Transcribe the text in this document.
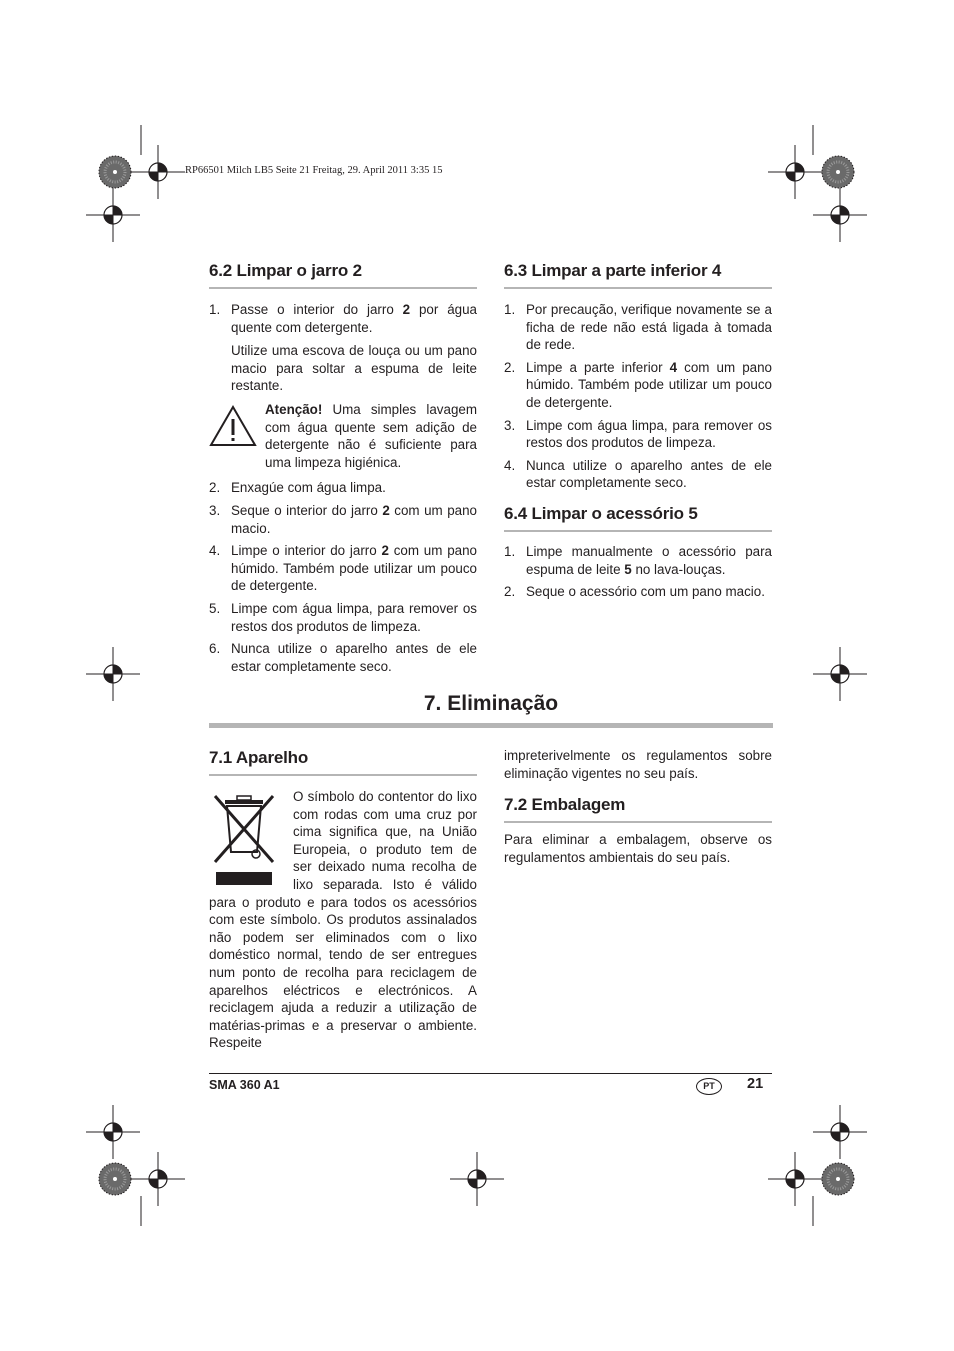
RP66501 Milch LB5 Seite 21 Freitag, 29. April 2011 3:35 15
6.2 Limpar o jarro 2
1. Passe o interior do jarro 2 por água quente com detergente.

Utilize uma escova de louça ou um pano macio para soltar a espuma de leite restante.

Atenção! Uma simples lavagem com água quente sem adição de detergente não é suficiente para uma limpeza higiénica.
2. Enxagúe com água limpa.
3. Seque o interior do jarro 2 com um pano macio.
4. Limpe o interior do jarro 2 com um pano húmido. Também pode utilizar um pouco de detergente.
5. Limpe com água limpa, para remover os restos dos produtos de limpeza.
6. Nunca utilize o aparelho antes de ele estar completamente seco.
6.3 Limpar a parte inferior 4
1. Por precaução, verifique novamente se a ficha de rede não está ligada à tomada de rede.
2. Limpe a parte inferior 4 com um pano húmido. Também pode utilizar um pouco de detergente.
3. Limpe com água limpa, para remover os restos dos produtos de limpeza.
4. Nunca utilize o aparelho antes de ele estar completamente seco.
6.4 Limpar o acessório 5
1. Limpe manualmente o acessório para espuma de leite 5 no lava-louças.
2. Seque o acessório com um pano macio.
7. Eliminação
7.1 Aparelho

O símbolo do contentor do lixo com rodas com uma cruz por cima significa que, na União Europeia, o produto tem de ser deixado numa recolha de lixo separada. Isto é válido para o produto e para todos os acessórios com este símbolo. Os produtos assinalados não podem ser eliminados com o lixo doméstico normal, tendo de ser entregues num ponto de recolha para reciclagem de aparelhos eléctricos e electrónicos. A reciclagem ajuda a reduzir a utilização de matérias-primas e a preservar o ambiente. Respeite

impreterivelmente os regulamentos sobre eliminação vigentes no seu país.

7.2 Embalagem

Para eliminar a embalagem, observe os regulamentos ambientais do seu país.

SMA 360 A1	PT	21
